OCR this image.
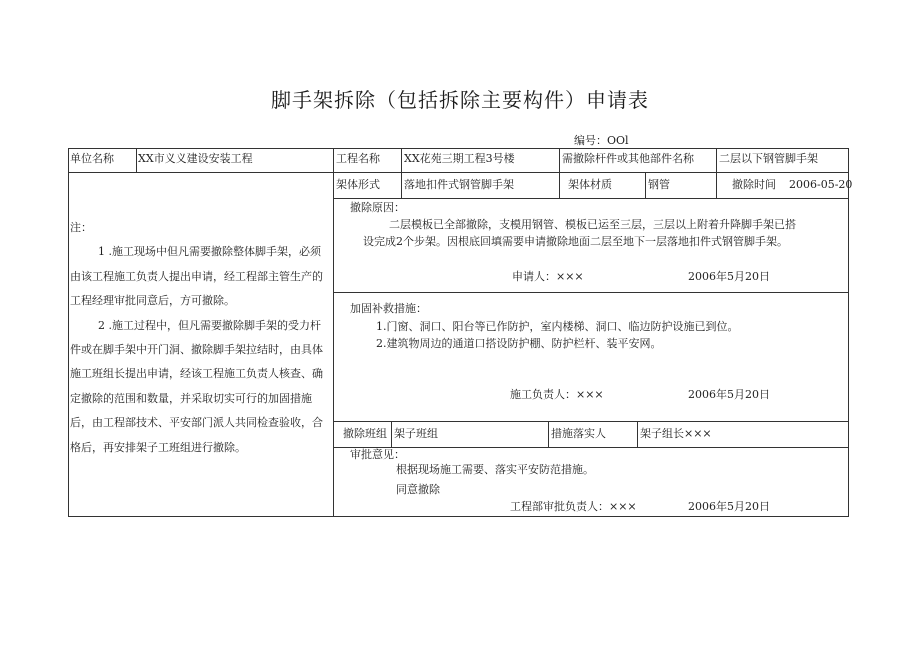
脚手架拆除（包括拆除主要构件）申请表
编号：OOl
单位名称 XX市义义建设安装工程	工程名称 XX花苑三期工程3号楼	需撤除杆件或其他部件名称 二层以下钢管脚手架
架体形式 落地扣件式钢管脚手架	架体材质	钢管	撤除时间 2006-05-20

注：

1 .施工现场中但凡需要撤除整体脚手架，必须由该工程施工负责人提出申请，经工程部主管生产的工程经理审批同意后，方可撤除。

2 .施工过程中，但凡需要撤除脚手架的受力杆件或在脚手架中开门洞、撤除脚手架拉结时，由具体施工班组长提出申请，经该工程施工负责人核查、确定撤除的范围和数量，并采取切实可行的加固措施后，由工程部技术、平安部门派人共同检查验收，合格后，再安排架子工班组进行撤除。

撤除原因：
二层模板已全部撤除，支模用钢管、模板已运至三层，三层以上附着升降脚手架已搭
设完成2个步架。因根底回填需要申请撤除地面二层至地下一层落地扣件式钢管脚手架。
申请人：×××	2006年5月20日
加固补救措施：
1.门窗、洞口、阳台等已作防护，室内楼梯、洞口、临边防护设施已到位。
2.建筑物周边的通道口搭设防护棚、防护栏杆、装平安网。
施工负责人：×××	2006年5月20日
撤除班组 架子班组	措施落实人	架子组长×××
审批意见：
根据现场施工需要、落实平安防范措施。
同意撤除
工程部审批负责人：×××	2006年5月20日
